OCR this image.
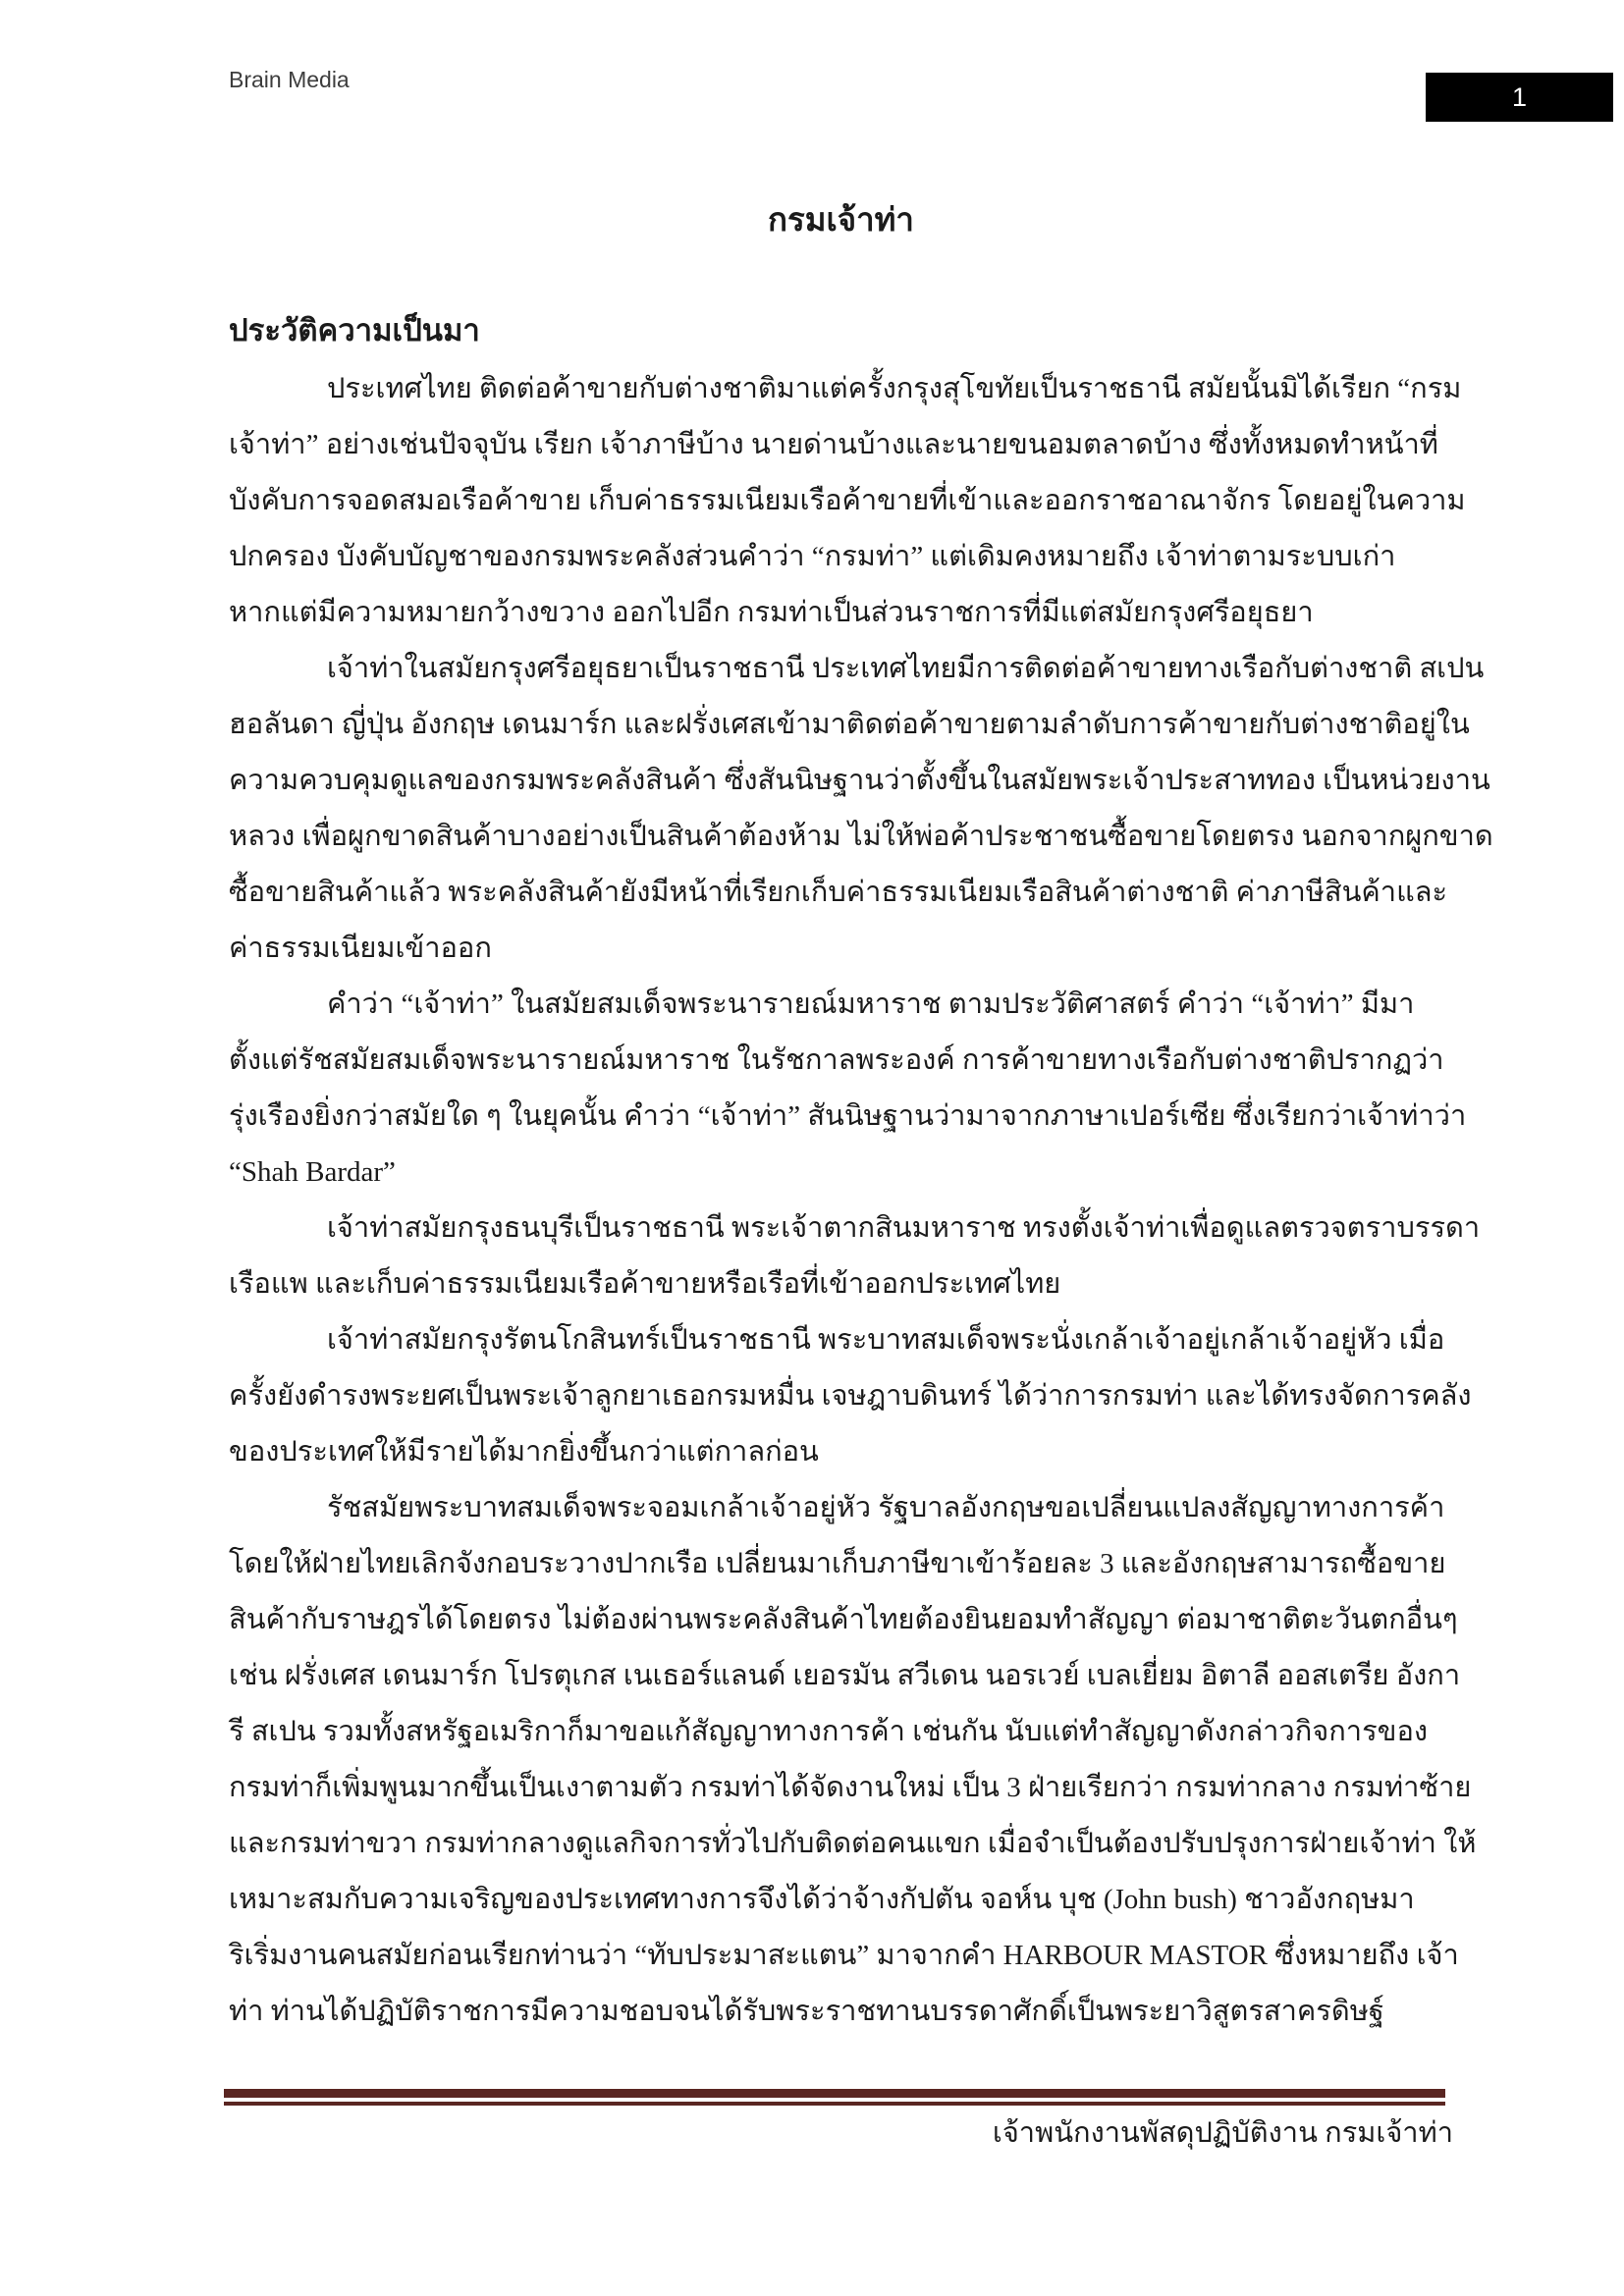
Brain Media
1
กรมเจ้าท่า
ประวัติความเป็นมา
ประเทศไทย ติดต่อค้าขายกับต่างชาติมาแต่ครั้งกรุงสุโขทัยเป็นราชธานี สมัยนั้นมิได้เรียก “กรม
เจ้าท่า” อย่างเช่นปัจจุบัน เรียก เจ้าภาษีบ้าง นายด่านบ้างและนายขนอมตลาดบ้าง ซึ่งทั้งหมดทำหน้าที่
บังคับการจอดสมอเรือค้าขาย เก็บค่าธรรมเนียมเรือค้าขายที่เข้าและออกราชอาณาจักร โดยอยู่ในความ
ปกครอง บังคับบัญชาของกรมพระคลังส่วนคำว่า “กรมท่า” แต่เดิมคงหมายถึง เจ้าท่าตามระบบเก่า
หากแต่มีความหมายกว้างขวาง ออกไปอีก กรมท่าเป็นส่วนราชการที่มีแต่สมัยกรุงศรีอยุธยา
เจ้าท่าในสมัยกรุงศรีอยุธยาเป็นราชธานี ประเทศไทยมีการติดต่อค้าขายทางเรือกับต่างชาติ สเปน
ฮอลันดา ญี่ปุ่น อังกฤษ เดนมาร์ก และฝรั่งเศสเข้ามาติดต่อค้าขายตามลำดับการค้าขายกับต่างชาติอยู่ใน
ความควบคุมดูแลของกรมพระคลังสินค้า ซึ่งสันนิษฐานว่าตั้งขึ้นในสมัยพระเจ้าประสาททอง เป็นหน่วยงาน
หลวง เพื่อผูกขาดสินค้าบางอย่างเป็นสินค้าต้องห้าม ไม่ให้พ่อค้าประชาชนซื้อขายโดยตรง นอกจากผูกขาด
ซื้อขายสินค้าแล้ว พระคลังสินค้ายังมีหน้าที่เรียกเก็บค่าธรรมเนียมเรือสินค้าต่างชาติ ค่าภาษีสินค้าและ
ค่าธรรมเนียมเข้าออก
คำว่า “เจ้าท่า” ในสมัยสมเด็จพระนารายณ์มหาราช ตามประวัติศาสตร์ คำว่า “เจ้าท่า” มีมา
ตั้งแต่รัชสมัยสมเด็จพระนารายณ์มหาราช ในรัชกาลพระองค์ การค้าขายทางเรือกับต่างชาติปรากฏว่า
รุ่งเรืองยิ่งกว่าสมัยใด ๆ ในยุคนั้น คำว่า “เจ้าท่า” สันนิษฐานว่ามาจากภาษาเปอร์เซีย ซึ่งเรียกว่าเจ้าท่าว่า
“Shah Bardar”
เจ้าท่าสมัยกรุงธนบุรีเป็นราชธานี พระเจ้าตากสินมหาราช ทรงตั้งเจ้าท่าเพื่อดูแลตรวจตราบรรดา
เรือแพ และเก็บค่าธรรมเนียมเรือค้าขายหรือเรือที่เข้าออกประเทศไทย
เจ้าท่าสมัยกรุงรัตนโกสินทร์เป็นราชธานี พระบาทสมเด็จพระนั่งเกล้าเจ้าอยู่เกล้าเจ้าอยู่หัว เมื่อ
ครั้งยังดำรงพระยศเป็นพระเจ้าลูกยาเธอกรมหมื่น เจษฎาบดินทร์ ได้ว่าการกรมท่า และได้ทรงจัดการคลัง
ของประเทศให้มีรายได้มากยิ่งขึ้นกว่าแต่กาลก่อน
รัชสมัยพระบาทสมเด็จพระจอมเกล้าเจ้าอยู่หัว รัฐบาลอังกฤษขอเปลี่ยนแปลงสัญญาทางการค้า
โดยให้ฝ่ายไทยเลิกจังกอบระวางปากเรือ เปลี่ยนมาเก็บภาษีขาเข้าร้อยละ 3 และอังกฤษสามารถซื้อขาย
สินค้ากับราษฎรได้โดยตรง ไม่ต้องผ่านพระคลังสินค้าไทยต้องยินยอมทำสัญญา ต่อมาชาติตะวันตกอื่นๆ
เช่น ฝรั่งเศส เดนมาร์ก โปรตุเกส เนเธอร์แลนด์ เยอรมัน สวีเดน นอรเวย์ เบลเยี่ยม อิตาลี ออสเตรีย อังกา
รี สเปน รวมทั้งสหรัฐอเมริกาก็มาขอแก้สัญญาทางการค้า เช่นกัน นับแต่ทำสัญญาดังกล่าวกิจการของ
กรมท่าก็เพิ่มพูนมากขึ้นเป็นเงาตามตัว กรมท่าได้จัดงานใหม่ เป็น 3 ฝ่ายเรียกว่า กรมท่ากลาง กรมท่าซ้าย
และกรมท่าขวา กรมท่ากลางดูแลกิจการทั่วไปกับติดต่อคนแขก เมื่อจำเป็นต้องปรับปรุงการฝ่ายเจ้าท่า ให้
เหมาะสมกับความเจริญของประเทศทางการจึงได้ว่าจ้างกัปตัน จอห์น บุช (John bush) ชาวอังกฤษมา
ริเริ่มงานคนสมัยก่อนเรียกท่านว่า “ทับประมาสะแตน” มาจากคำ HARBOUR MASTOR ซึ่งหมายถึง เจ้า
ท่า ท่านได้ปฏิบัติราชการมีความชอบจนได้รับพระราชทานบรรดาศักดิ์เป็นพระยาวิสูตรสาครดิษฐ์
เจ้าพนักงานพัสดุปฏิบัติงาน กรมเจ้าท่า
